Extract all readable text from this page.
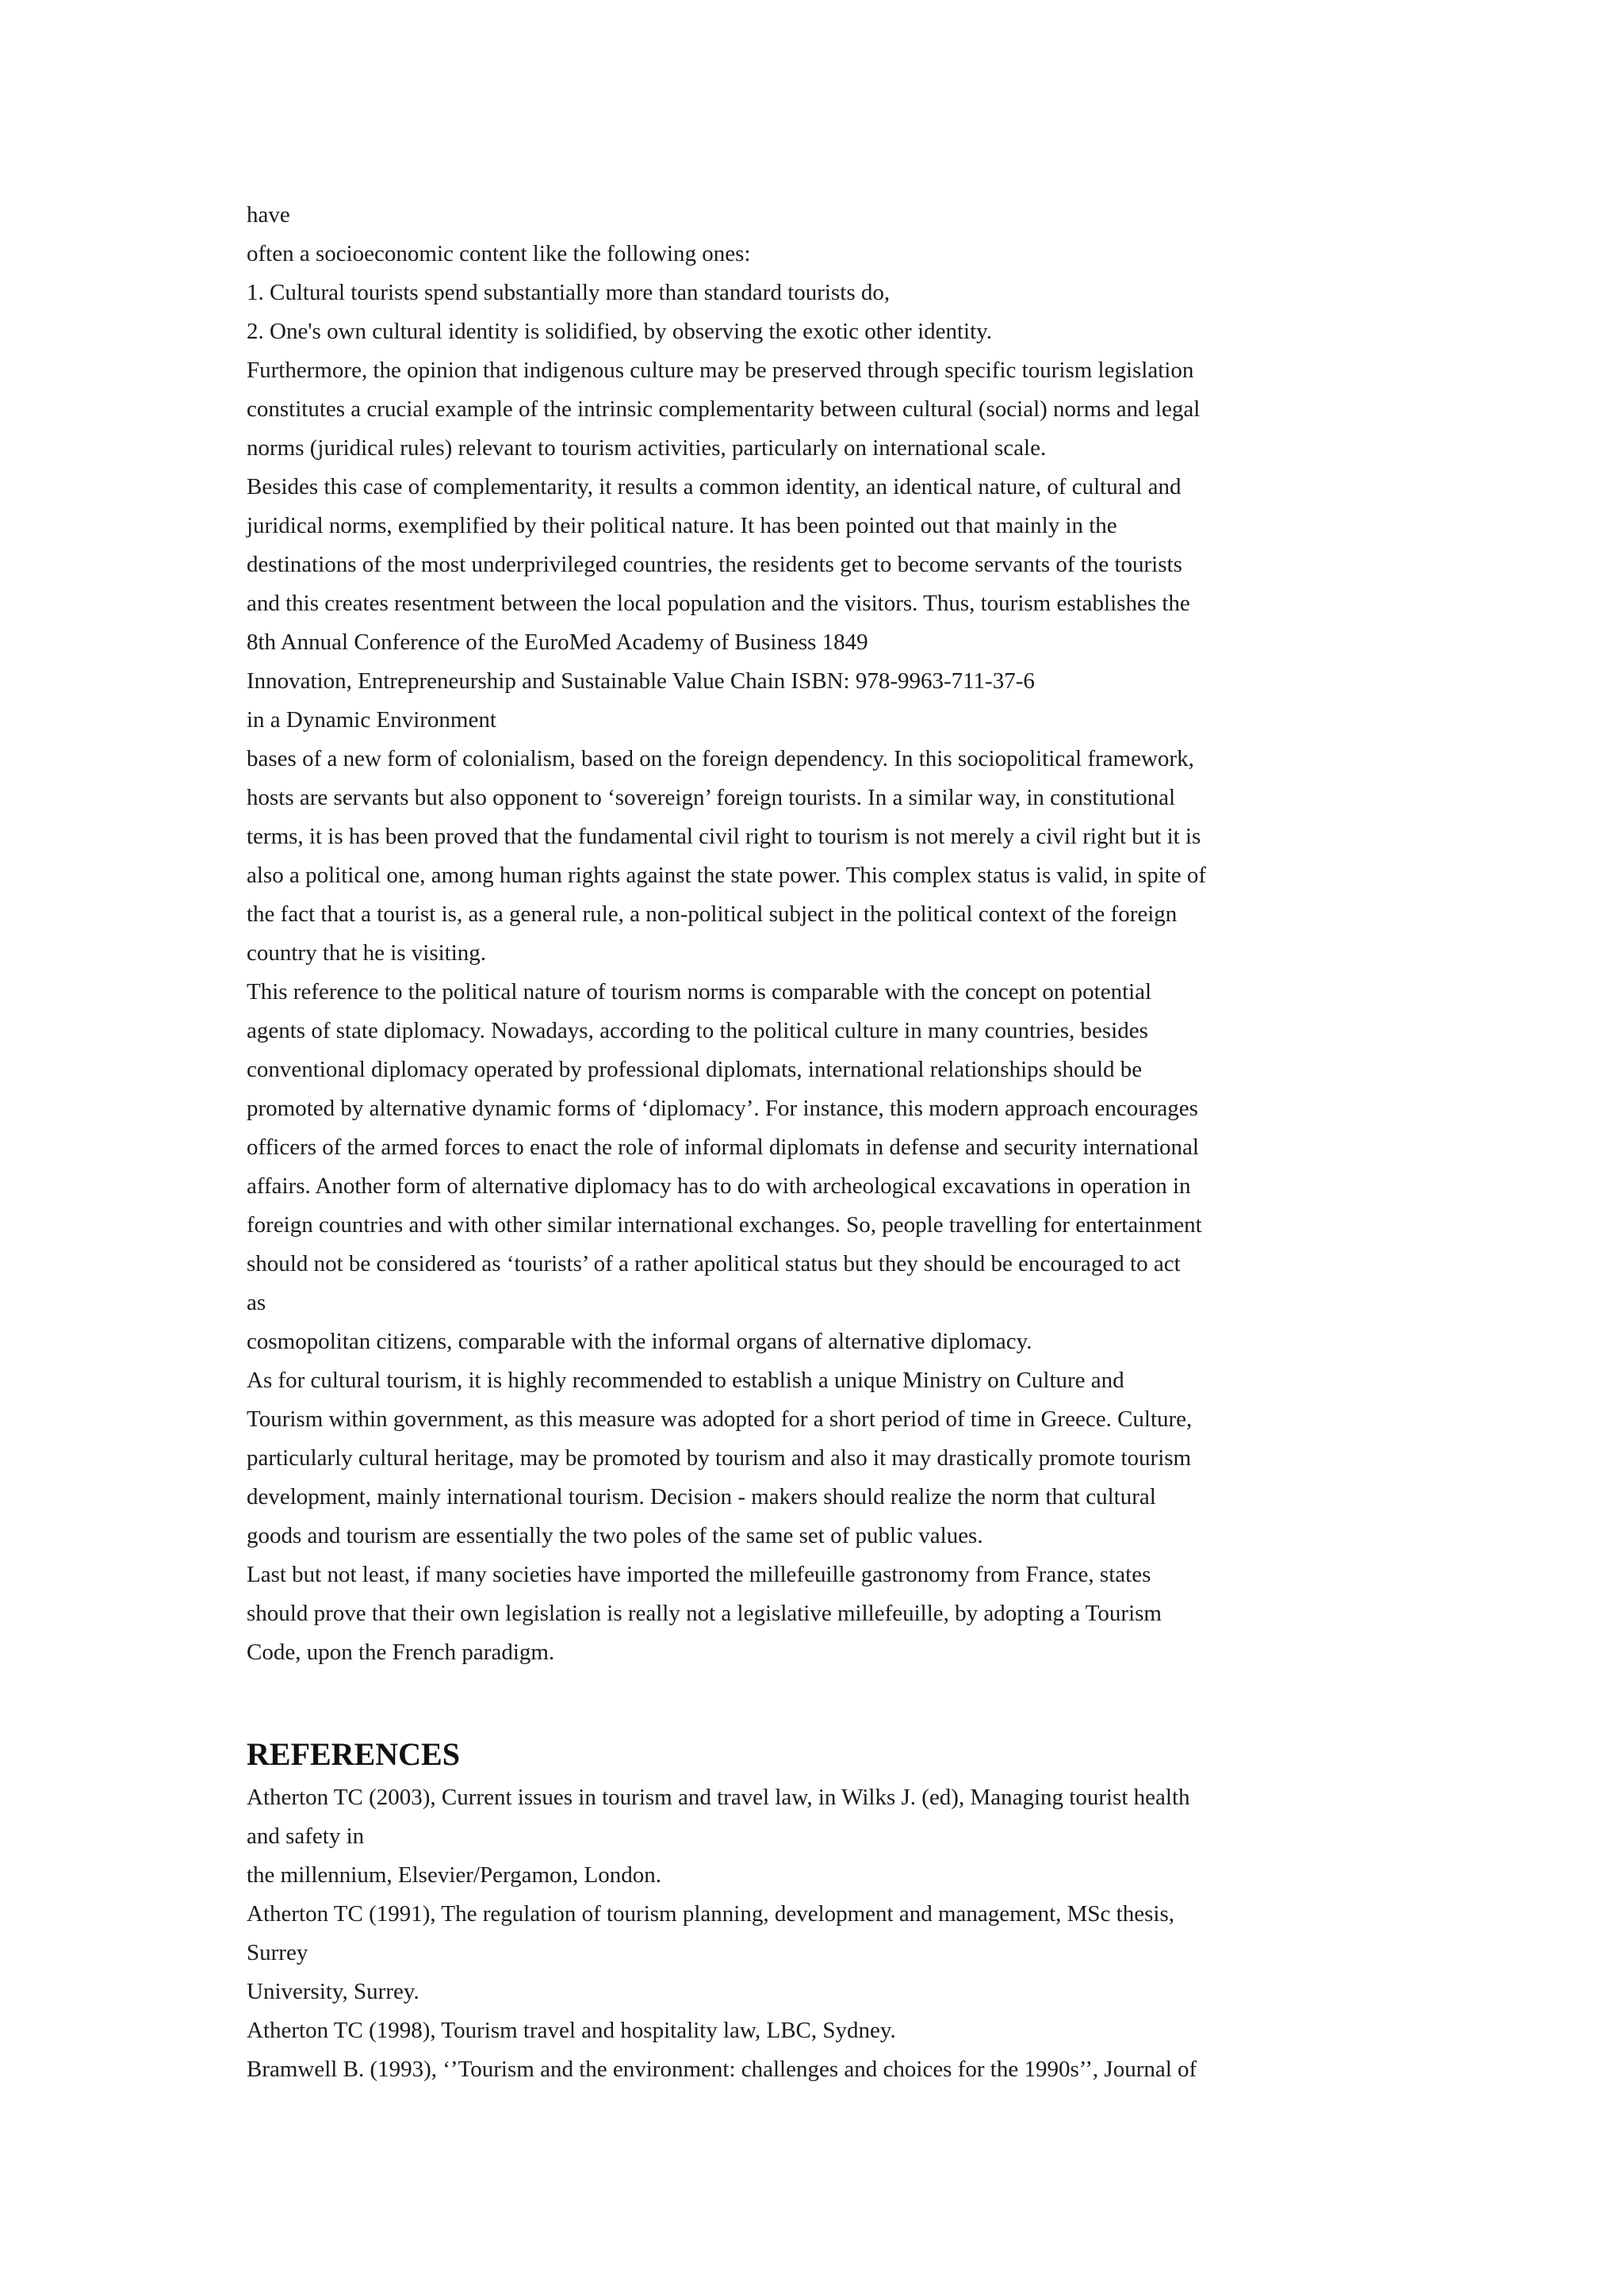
have
often a socioeconomic content like the following ones:
1. Cultural tourists spend substantially more than standard tourists do,
2. One's own cultural identity is solidified, by observing the exotic other identity.
Furthermore, the opinion that indigenous culture may be preserved through specific tourism legislation
constitutes a crucial example of the intrinsic complementarity between cultural (social) norms and legal
norms (juridical rules) relevant to tourism activities, particularly on international scale.
Besides this case of complementarity, it results a common identity, an identical nature, of cultural and
juridical norms, exemplified by their political nature. It has been pointed out that mainly in the
destinations of the most underprivileged countries, the residents get to become servants of the tourists
and this creates resentment between the local population and the visitors. Thus, tourism establishes the
8th Annual Conference of the EuroMed Academy of Business 1849
Innovation, Entrepreneurship and Sustainable Value Chain ISBN: 978-9963-711-37-6
in a Dynamic Environment
bases of a new form of colonialism, based on the foreign dependency. In this sociopolitical framework,
hosts are servants but also opponent to ‘sovereign’ foreign tourists. In a similar way, in constitutional
terms, it is has been proved that the fundamental civil right to tourism is not merely a civil right but it is
also a political one, among human rights against the state power. This complex status is valid, in spite of
the fact that a tourist is, as a general rule, a non-political subject in the political context of the foreign
country that he is visiting.
This reference to the political nature of tourism norms is comparable with the concept on potential
agents of state diplomacy. Nowadays, according to the political culture in many countries, besides
conventional diplomacy operated by professional diplomats, international relationships should be
promoted by alternative dynamic forms of ‘diplomacy’. For instance, this modern approach encourages
officers of the armed forces to enact the role of informal diplomats in defense and security international
affairs. Another form of alternative diplomacy has to do with archeological excavations in operation in
foreign countries and with other similar international exchanges. So, people travelling for entertainment
should not be considered as ‘tourists’ of a rather apolitical status but they should be encouraged to act
as
cosmopolitan citizens, comparable with the informal organs of alternative diplomacy.
As for cultural tourism, it is highly recommended to establish a unique Ministry on Culture and
Tourism within government, as this measure was adopted for a short period of time in Greece. Culture,
particularly cultural heritage, may be promoted by tourism and also it may drastically promote tourism
development, mainly international tourism. Decision - makers should realize the norm that cultural
goods and tourism are essentially the two poles of the same set of public values.
Last but not least, if many societies have imported the millefeuille gastronomy from France, states
should prove that their own legislation is really not a legislative millefeuille, by adopting a Tourism
Code, upon the French paradigm.
REFERENCES
Atherton TC (2003), Current issues in tourism and travel law, in Wilks J. (ed), Managing tourist health
and safety in
the millennium, Elsevier/Pergamon, London.
Atherton TC (1991), The regulation of tourism planning, development and management, MSc thesis,
Surrey
University, Surrey.
Atherton TC (1998), Tourism travel and hospitality law, LBC, Sydney.
Bramwell B. (1993), ‘’Tourism and the environment: challenges and choices for the 1990s’’, Journal of
